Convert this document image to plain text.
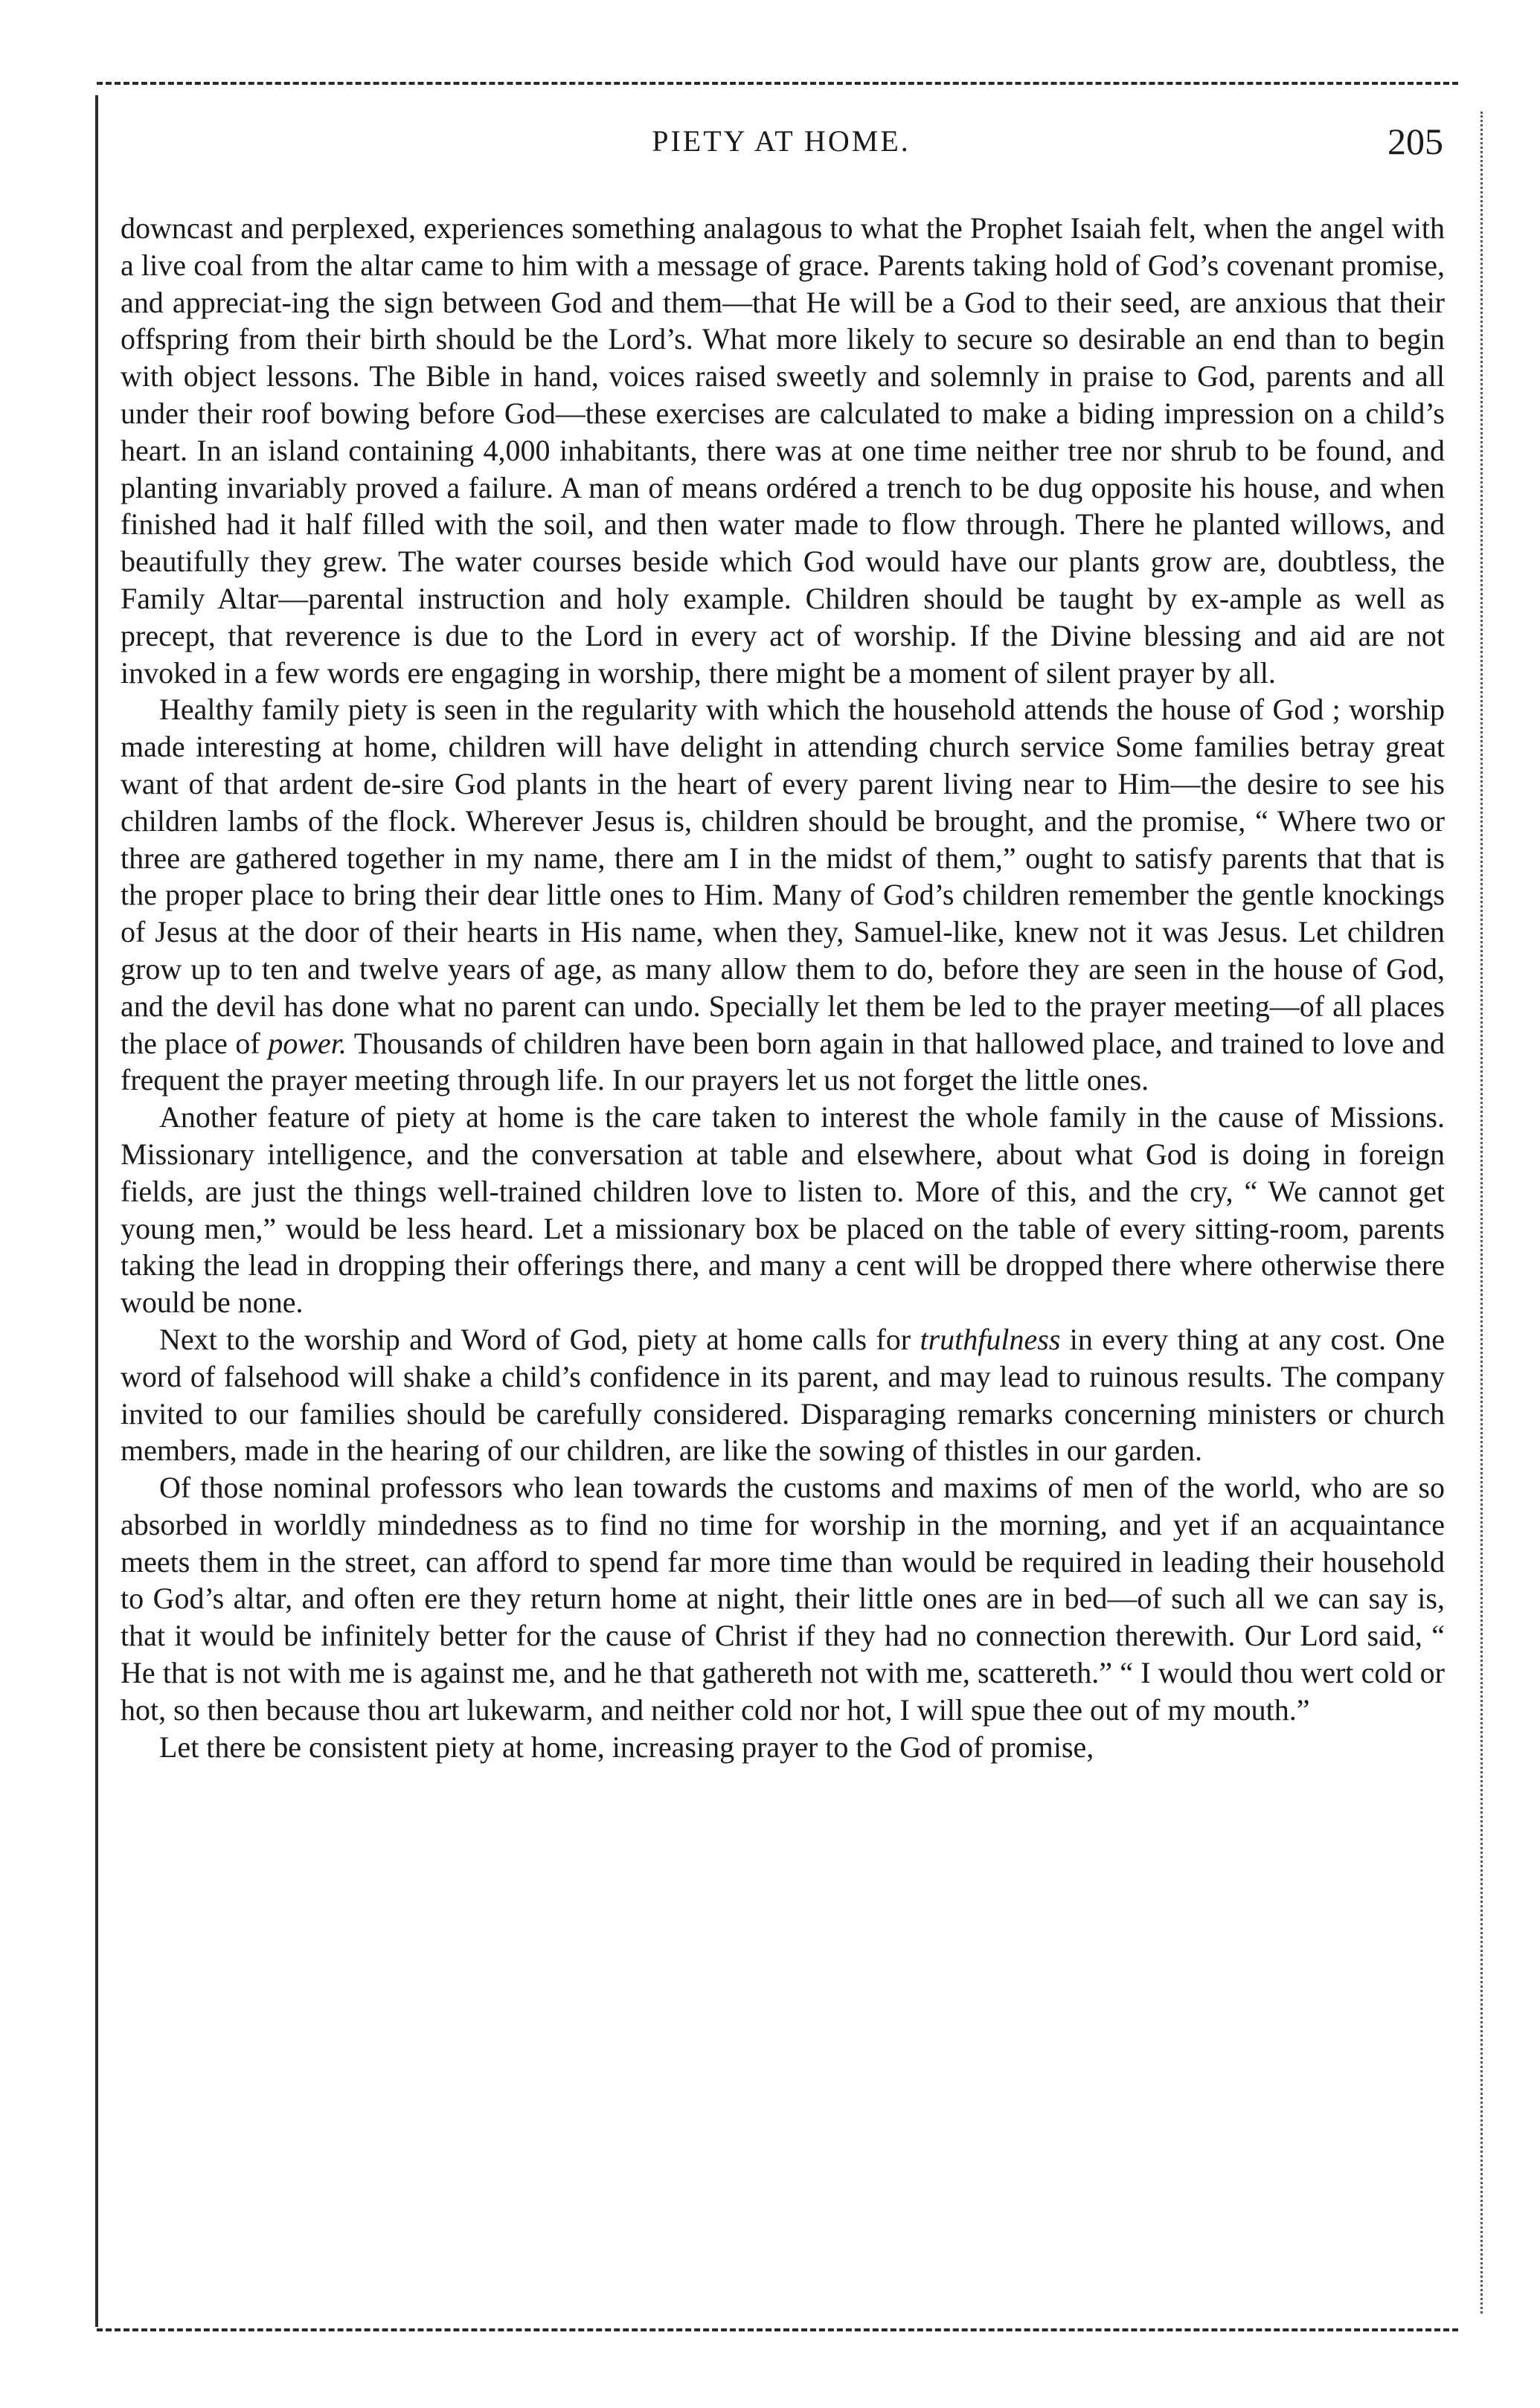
PIETY AT HOME.	205

downcast and perplexed, experiences something analagous to what the Prophet Isaiah felt, when the angel with a live coal from the altar came to him with a message of grace. Parents taking hold of God’s covenant promise, and appreciat-ing the sign between God and them—that He will be a God to their seed, are anxious that their offspring from their birth should be the Lord’s. What more likely to secure so desirable an end than to begin with object lessons. The Bible in hand, voices raised sweetly and solemnly in praise to God, parents and all under their roof bowing before God—these exercises are calculated to make a biding impression on a child’s heart. In an island containing 4,000 inhabitants, there was at one time neither tree nor shrub to be found, and planting invariably proved a failure. A man of means ordéred a trench to be dug opposite his house, and when finished had it half filled with the soil, and then water made to flow through. There he planted willows, and beautifully they grew. The water courses beside which God would have our plants grow are, doubtless, the Family Altar—parental instruction and holy example. Children should be taught by ex-ample as well as precept, that reverence is due to the Lord in every act of worship. If the Divine blessing and aid are not invoked in a few words ere engaging in worship, there might be a moment of silent prayer by all.

Healthy family piety is seen in the regularity with which the household attends the house of God ; worship made interesting at home, children will have delight in attending church service Some families betray great want of that ardent de-sire God plants in the heart of every parent living near to Him—the desire to see his children lambs of the flock. Wherever Jesus is, children should be brought, and the promise, “ Where two or three are gathered together in my name, there am I in the midst of them,” ought to satisfy parents that that is the proper place to bring their dear little ones to Him. Many of God’s children remember the gentle knockings of Jesus at the door of their hearts in His name, when they, Samuel-like, knew not it was Jesus. Let children grow up to ten and twelve years of age, as many allow them to do, before they are seen in the house of God, and the devil has done what no parent can undo. Specially let them be led to the prayer meeting—of all places the place of power. Thousands of children have been born again in that hallowed place, and trained to love and frequent the prayer meeting through life. In our prayers let us not forget the little ones.

Another feature of piety at home is the care taken to interest the whole family in the cause of Missions. Missionary intelligence, and the conversation at table and elsewhere, about what God is doing in foreign fields, are just the things well-trained children love to listen to. More of this, and the cry, “ We cannot get young men,” would be less heard. Let a missionary box be placed on the table of every sitting-room, parents taking the lead in dropping their offerings there, and many a cent will be dropped there where otherwise there would be none.

Next to the worship and Word of God, piety at home calls for truthfulness in every thing at any cost. One word of falsehood will shake a child’s confidence in its parent, and may lead to ruinous results. The company invited to our families should be carefully considered. Disparaging remarks concerning ministers or church members, made in the hearing of our children, are like the sowing of thistles in our garden.

Of those nominal professors who lean towards the customs and maxims of men of the world, who are so absorbed in worldly mindedness as to find no time for worship in the morning, and yet if an acquaintance meets them in the street, can afford to spend far more time than would be required in leading their household to God’s altar, and often ere they return home at night, their little ones are in bed—of such all we can say is, that it would be infinitely better for the cause of Christ if they had no connection therewith. Our Lord said, “ He that is not with me is against me, and he that gathereth not with me, scattereth.” “ I would thou wert cold or hot, so then because thou art lukewarm, and neither cold nor hot, I will spue thee out of my mouth.”

Let there be consistent piety at home, increasing prayer to the God of promise,
